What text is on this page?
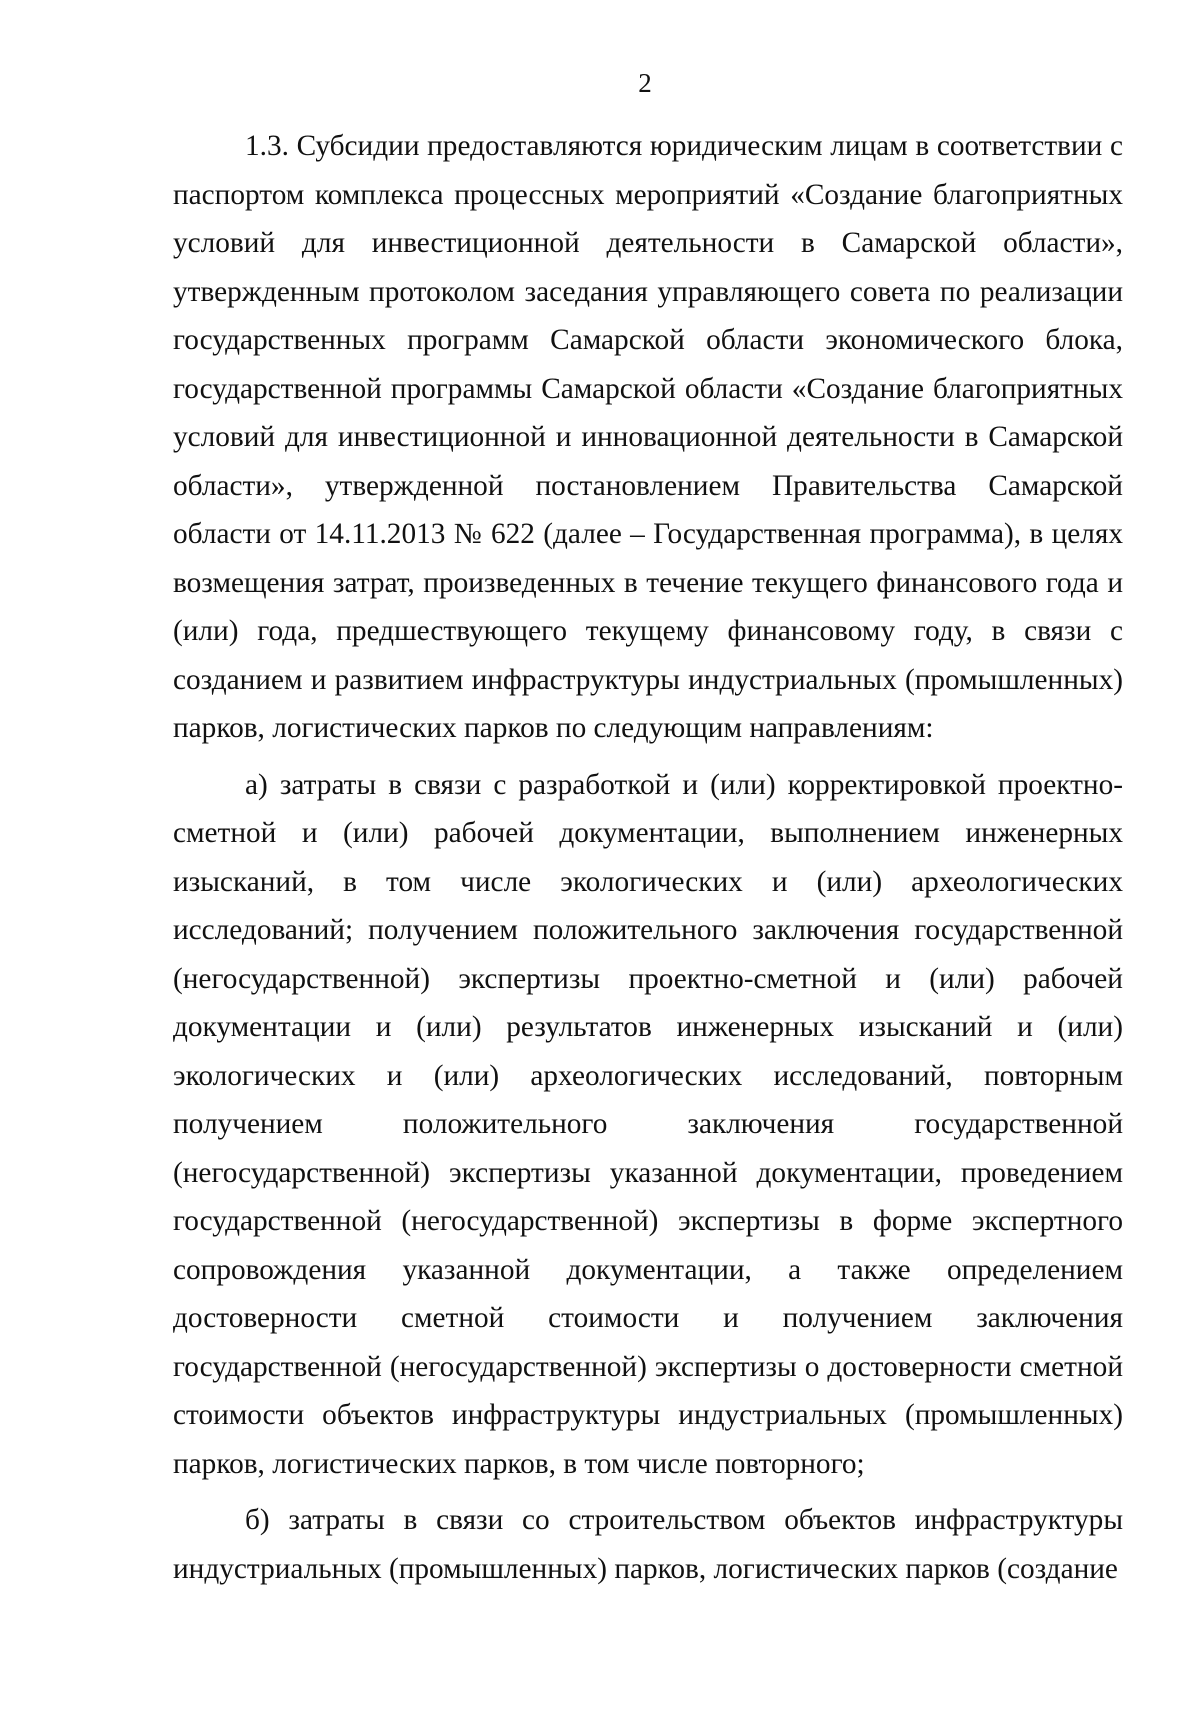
2

1.3. Субсидии предоставляются юридическим лицам в соответствии с паспортом комплекса процессных мероприятий «Создание благоприятных условий для инвестиционной деятельности в Самарской области», утвержденным протоколом заседания управляющего совета по реализации государственных программ Самарской области экономического блока, государственной программы Самарской области «Создание благоприятных условий для инвестиционной и инновационной деятельности в Самарской области», утвержденной постановлением Правительства Самарской области от 14.11.2013 № 622 (далее – Государственная программа), в целях возмещения затрат, произведенных в течение текущего финансового года и (или) года, предшествующего текущему финансовому году, в связи с созданием и развитием инфраструктуры индустриальных (промышленных) парков, логистических парков по следующим направлениям:

а) затраты в связи с разработкой и (или) корректировкой проектно-сметной и (или) рабочей документации, выполнением инженерных изысканий, в том числе экологических и (или) археологических исследований; получением положительного заключения государственной (негосударственной) экспертизы проектно-сметной и (или) рабочей документации и (или) результатов инженерных изысканий и (или) экологических и (или) археологических исследований, повторным получением положительного заключения государственной (негосударственной) экспертизы указанной документации, проведением государственной (негосударственной) экспертизы в форме экспертного сопровождения указанной документации, а также определением достоверности сметной стоимости и получением заключения государственной (негосударственной) экспертизы о достоверности сметной стоимости объектов инфраструктуры индустриальных (промышленных) парков, логистических парков, в том числе повторного;

б) затраты в связи со строительством объектов инфраструктуры индустриальных (промышленных) парков, логистических парков (создание
